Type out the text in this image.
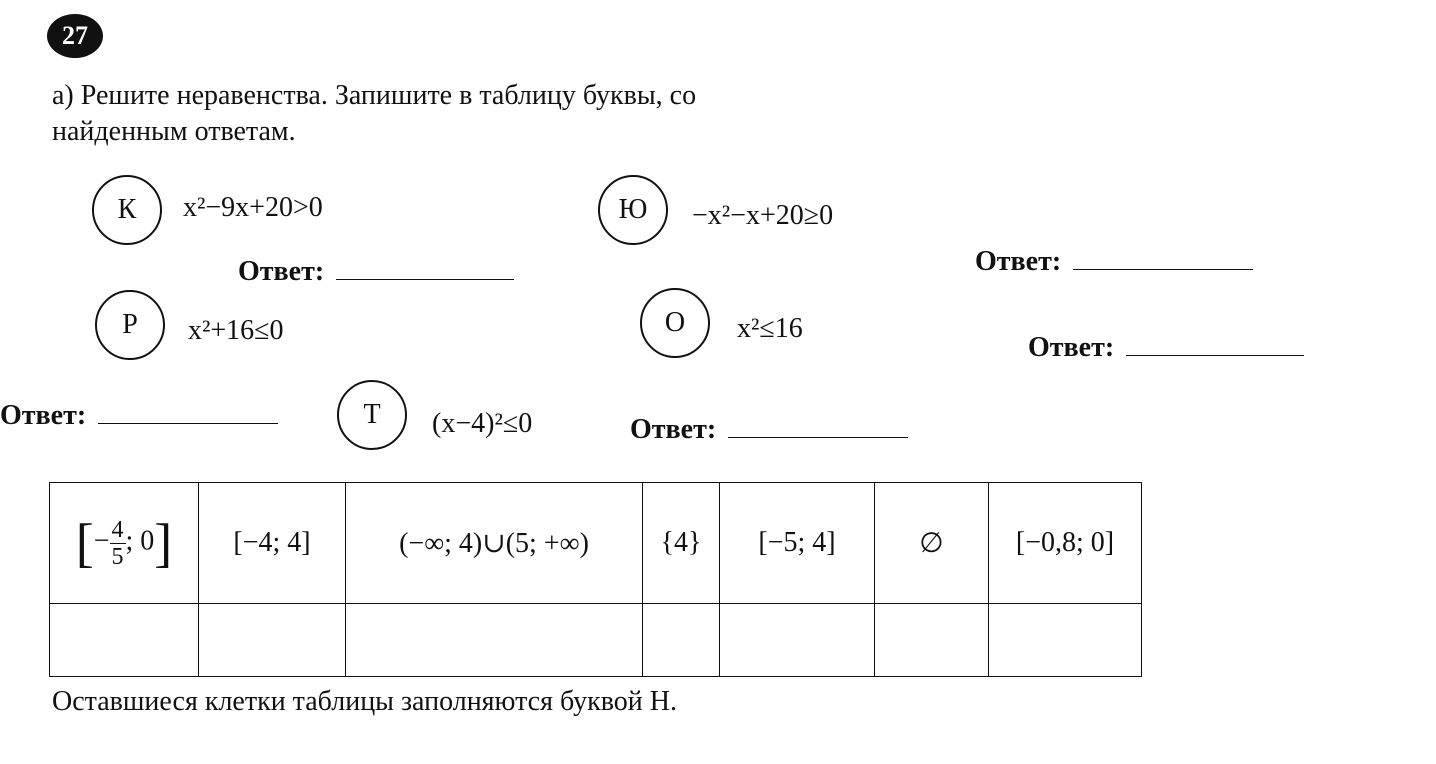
27
а) Решите неравенства. Запишите в таблицу буквы, со
найденным ответам.
К	x²−9x+20>0
Ответ:
Ю	−x²−x+20≥0
Ответ:
Р	x²+16≤0
Ответ:
О	x²≤16
Ответ:
Т	(x−4)²≤0	Ответ:
[− $\frac{4}{5}$ ; 0]	[−4; 4]	(−∞; 4)∪(5; +∞)	{4}	[−5; 4]	∅	[−0,8; 0]

Оставшиеся клетки таблицы заполняются буквой Н.
